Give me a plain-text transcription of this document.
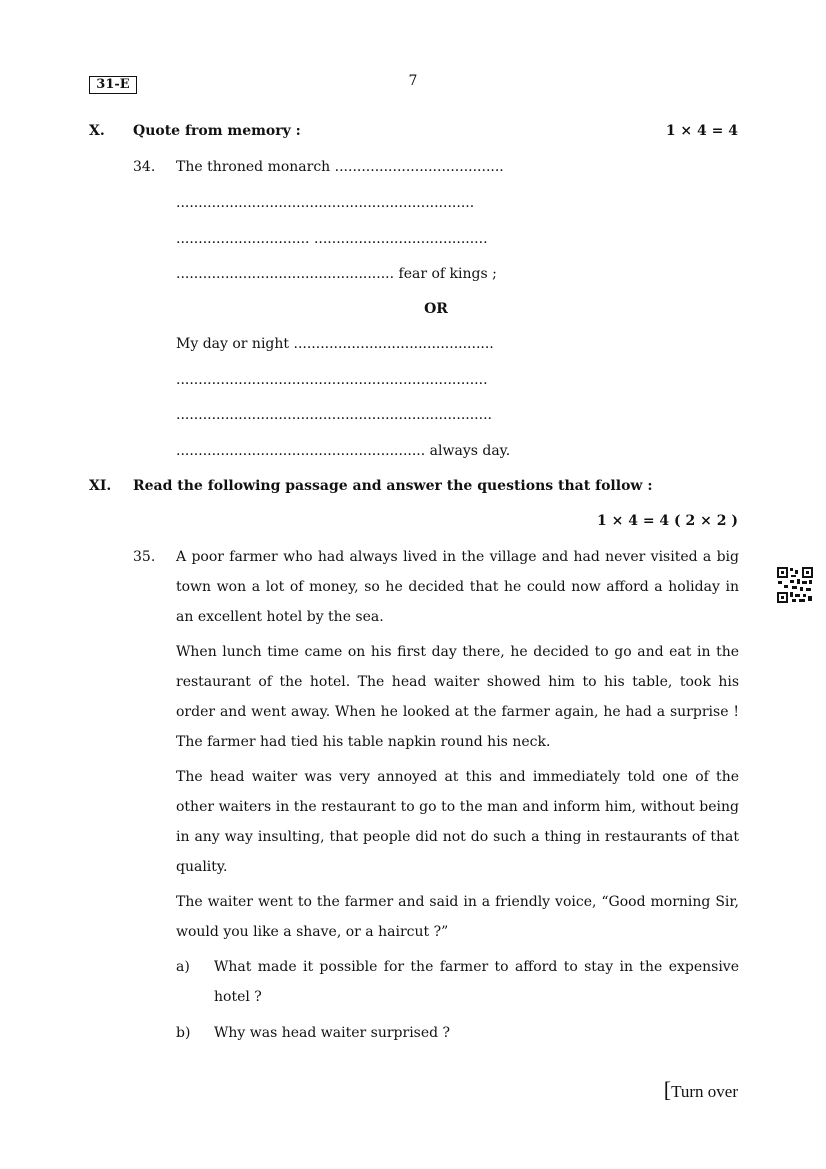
31-E	7
X. Quote from memory :	1 × 4 = 4
34. The throned monarch ......................................
...................................................................
.............................. .......................................
................................................. fear of kings ;
OR
My day or night .............................................
......................................................................
.......................................................................
........................................................ always day.
XI. Read the following passage and answer the questions that follow :
1 × 4 = 4 ( 2 × 2 )
35. A poor farmer who had always lived in the village and had never visited a big town won a lot of money, so he decided that he could now afford a holiday in an excellent hotel by the sea.
When lunch time came on his first day there, he decided to go and eat in the restaurant of the hotel. The head waiter showed him to his table, took his order and went away. When he looked at the farmer again, he had a surprise ! The farmer had tied his table napkin round his neck.
The head waiter was very annoyed at this and immediately told one of the other waiters in the restaurant to go to the man and inform him, without being in any way insulting, that people did not do such a thing in restaurants of that quality.
The waiter went to the farmer and said in a friendly voice, “Good morning Sir, would you like a shave, or a haircut ?”
a) What made it possible for the farmer to afford to stay in the expensive hotel ?
b) Why was head waiter surprised ?
[Turn over
